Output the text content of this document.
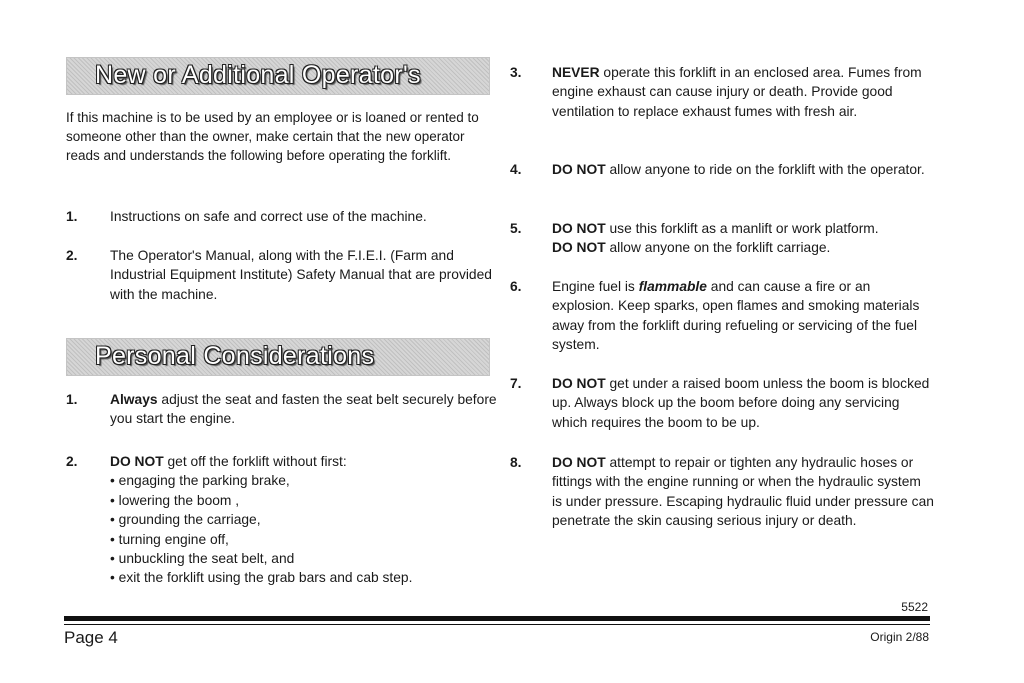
New or Additional Operator's

If this machine is to be used by an employee or is loaned or rented to someone other than the owner, make certain that the new operator reads and understands the following before operating the forklift.

1. Instructions on safe and correct use of the machine.
2. The Operator's Manual, along with the F.I.E.I. (Farm and Industrial Equipment Institute) Safety Manual that are provided with the machine.
Personal Considerations
1. Always adjust the seat and fasten the seat belt securely before you start the engine.
2. DO NOT get off the forklift without first:
• engaging the parking brake,
• lowering the boom ,
• grounding the carriage,
• turning engine off,
• unbuckling the seat belt, and
• exit the forklift using the grab bars and cab step.
3. NEVER operate this forklift in an enclosed area. Fumes from engine exhaust can cause injury or death. Provide good ventilation to replace exhaust fumes with fresh air.
4. DO NOT allow anyone to ride on the forklift with the operator.
5. DO NOT use this forklift as a manlift or work platform.
DO NOT allow anyone on the forklift carriage.
6. Engine fuel is flammable and can cause a fire or an explosion. Keep sparks, open flames and smoking materials away from the forklift during refueling or servicing of the fuel system.
7. DO NOT get under a raised boom unless the boom is blocked up. Always block up the boom before doing any servicing which requires the boom to be up.
8. DO NOT attempt to repair or tighten any hydraulic hoses or fittings with the engine running or when the hydraulic system is under pressure. Escaping hydraulic fluid under pressure can penetrate the skin causing serious injury or death.
5522
Page 4	Origin 2/88
